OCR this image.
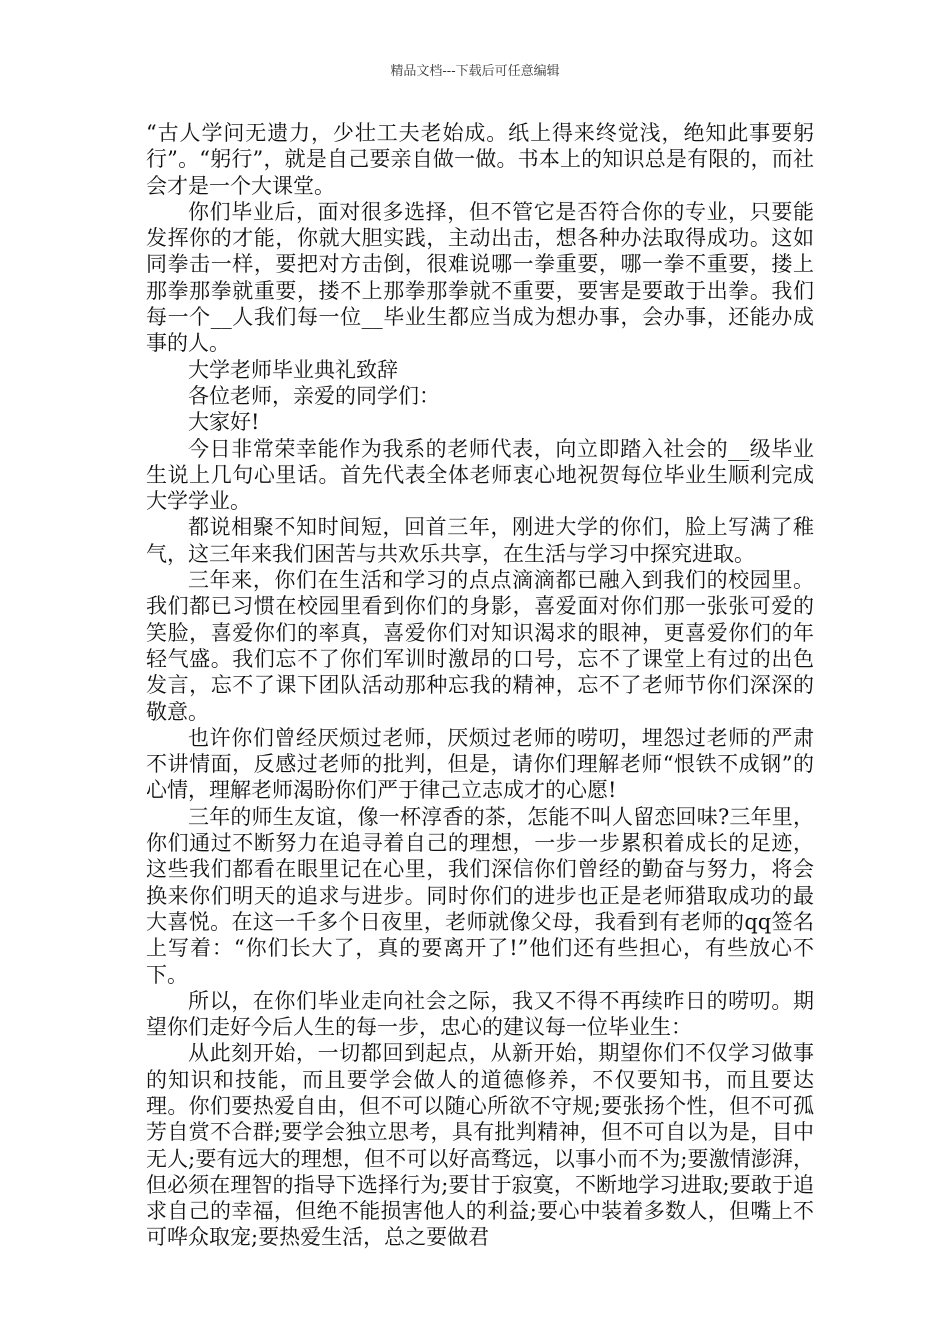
精品文档---下载后可任意编辑

“古人学问无遗力，少壮工夫老始成。纸上得来终觉浅，绝知此事要躬行”。“躬行”，就是自己要亲自做一做。书本上的知识总是有限的，而社会才是一个大课堂。

你们毕业后，面对很多选择，但不管它是否符合你的专业，只要能发挥你的才能，你就大胆实践，主动出击，想各种办法取得成功。这如同拳击一样，要把对方击倒，很难说哪一拳重要，哪一拳不重要，搂上那拳那拳就重要，搂不上那拳那拳就不重要，要害是要敢于出拳。我们每一个__人我们每一位__毕业生都应当成为想办事，会办事，还能办成事的人。

大学老师毕业典礼致辞

各位老师，亲爱的同学们：

大家好!

今日非常荣幸能作为我系的老师代表，向立即踏入社会的__级毕业生说上几句心里话。首先代表全体老师衷心地祝贺每位毕业生顺利完成大学学业。

都说相聚不知时间短，回首三年，刚进大学的你们，脸上写满了稚气，这三年来我们困苦与共欢乐共享，在生活与学习中探究进取。

三年来，你们在生活和学习的点点滴滴都已融入到我们的校园里。我们都已习惯在校园里看到你们的身影，喜爱面对你们那一张张可爱的笑脸，喜爱你们的率真，喜爱你们对知识渴求的眼神，更喜爱你们的年轻气盛。我们忘不了你们军训时激昂的口号，忘不了课堂上有过的出色发言，忘不了课下团队活动那种忘我的精神，忘不了老师节你们深深的敬意。

也许你们曾经厌烦过老师，厌烦过老师的唠叨，埋怨过老师的严肃不讲情面，反感过老师的批判，但是，请你们理解老师“恨铁不成钢”的心情，理解老师渴盼你们严于律己立志成才的心愿!

三年的师生友谊，像一杯淳香的茶，怎能不叫人留恋回味?三年里，你们通过不断努力在追寻着自己的理想，一步一步累积着成长的足迹，这些我们都看在眼里记在心里，我们深信你们曾经的勤奋与努力，将会换来你们明天的追求与进步。同时你们的进步也正是老师猎取成功的最大喜悦。在这一千多个日夜里，老师就像父母，我看到有老师的qq签名上写着：“你们长大了，真的要离开了!”他们还有些担心，有些放心不下。

所以，在你们毕业走向社会之际，我又不得不再续昨日的唠叨。期望你们走好今后人生的每一步，忠心的建议每一位毕业生：

从此刻开始，一切都回到起点，从新开始，期望你们不仅学习做事的知识和技能，而且要学会做人的道德修养，不仅要知书，而且要达理。你们要热爱自由，但不可以随心所欲不守规;要张扬个性，但不可孤芳自赏不合群;要学会独立思考，具有批判精神，但不可自以为是，目中无人;要有远大的理想，但不可以好高骛远，以事小而不为;要激情澎湃，但必须在理智的指导下选择行为;要甘于寂寞，不断地学习进取;要敢于追求自己的幸福，但绝不能损害他人的利益;要心中装着多数人，但嘴上不可哗众取宠;要热爱生活，总之要做君
